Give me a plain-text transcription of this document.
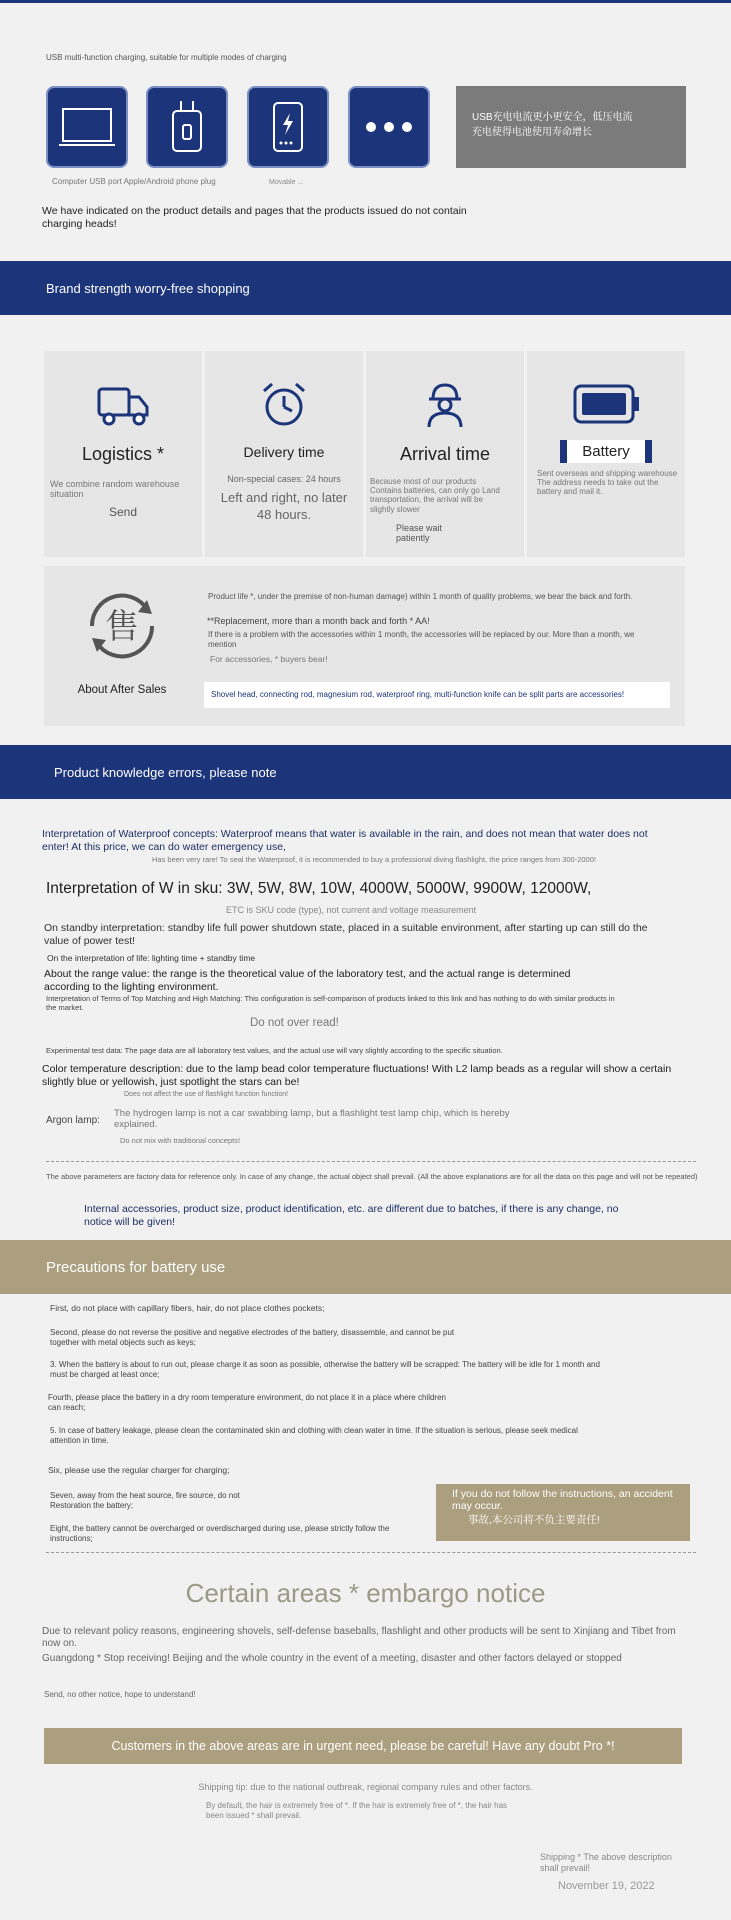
USB multi-function charging, suitable for multiple modes of charging
USB充电电流更小更安全，低压电流
充电使得电池使用寿命增长
Computer USB port Apple/Android phone plug	Movable ...
We have indicated on the product details and pages that the products issued do not contain charging heads!
Brand strength worry-free shopping
Logistics *
We combine random warehouse situation
Send
Delivery time
Non-special cases: 24 hours
Left and right, no later 48 hours.
Arrival time
Because most of our products Contains batteries, can only go Land transportation, the arrival will be slightly slower
Please wait patiently
Battery
Sent overseas and shipping warehouse The address needs to take out the battery and mail it.
售
About After Sales
Product life *, under the premise of non-human damage) within 1 month of quality problems, we bear the back and forth.
**Replacement, more than a month back and forth * AA!
If there is a problem with the accessories within 1 month, the accessories will be replaced by our. More than a month, we mention
For accessories, * buyers bear!
Shovel head, connecting rod, magnesium rod, waterproof ring, multi-function knife can be split parts are accessories!
Product knowledge errors, please note
Interpretation of Waterproof concepts: Waterproof means that water is available in the rain, and does not mean that water does not enter! At this price, we can do water emergency use,
Has been very rare! To seal the Waterproof, it is recommended to buy a professional diving flashlight, the price ranges from 300-2000!
Interpretation of W in sku: 3W, 5W, 8W, 10W, 4000W, 5000W, 9900W, 12000W,
ETC is SKU code (type), not current and voltage measurement
On standby interpretation: standby life full power shutdown state, placed in a suitable environment, after starting up can still do the value of power test!
On the interpretation of life: lighting time + standby time
About the range value: the range is the theoretical value of the laboratory test, and the actual range is determined according to the lighting environment.
Interpretation of Terms of Top Matching and High Matching: This configuration is self-comparison of products linked to this link and has nothing to do with similar products in the market.
Do not over read!
Experimental test data: The page data are all laboratory test values, and the actual use will vary slightly according to the specific situation.
Color temperature description: due to the lamp bead color temperature fluctuations! With L2 lamp beads as a regular will show a certain slightly blue or yellowish, just spotlight the stars can be!
Does not affect the use of flashlight function function!
Argon lamp:
The hydrogen lamp is not a car swabbing lamp, but a flashlight test lamp chip, which is hereby explained.
Do not mix with traditional concepts!
The above parameters are factory data for reference only. In case of any change, the actual object shall prevail. (All the above explanations are for all the data on this page and will not be repeated)
Internal accessories, product size, product identification, etc. are different due to batches, if there is any change, no notice will be given!
Precautions for battery use
First, do not place with capillary fibers, hair, do not place clothes pockets;
Second, please do not reverse the positive and negative electrodes of the battery, disassemble, and cannot be put together with metal objects such as keys;
3. When the battery is about to run out, please charge it as soon as possible, otherwise the battery will be scrapped: The battery will be idle for 1 month and must be charged at least once;
Fourth, please place the battery in a dry room temperature environment, do not place it in a place where children can reach;
5. In case of battery leakage, please clean the contaminated skin and clothing with clean water in time. If the situation is serious, please seek medical attention in time.
Six, please use the regular charger for charging;
Seven, away from the heat source, fire source, do not Restoration the battery;
Eight, the battery cannot be overcharged or overdischarged during use, please strictly follow the instructions;
If you do not follow the instructions, an accident may occur.
事故,本公司将不负主要责任!
Certain areas * embargo notice
Due to relevant policy reasons, engineering shovels, self-defense baseballs, flashlight and other products will be sent to Xinjiang and Tibet from now on.
Guangdong * Stop receiving! Beijing and the whole country in the event of a meeting, disaster and other factors delayed or stopped
Send, no other notice, hope to understand!
Customers in the above areas are in urgent need, please be careful! Have any doubt Pro *!
Shipping tip: due to the national outbreak, regional company rules and other factors.
By default, the hair is extremely free of *. If the hair is extremely free of *, the hair has been issued * shall prevail.
Shipping * The above description shall prevail!
November 19, 2022
